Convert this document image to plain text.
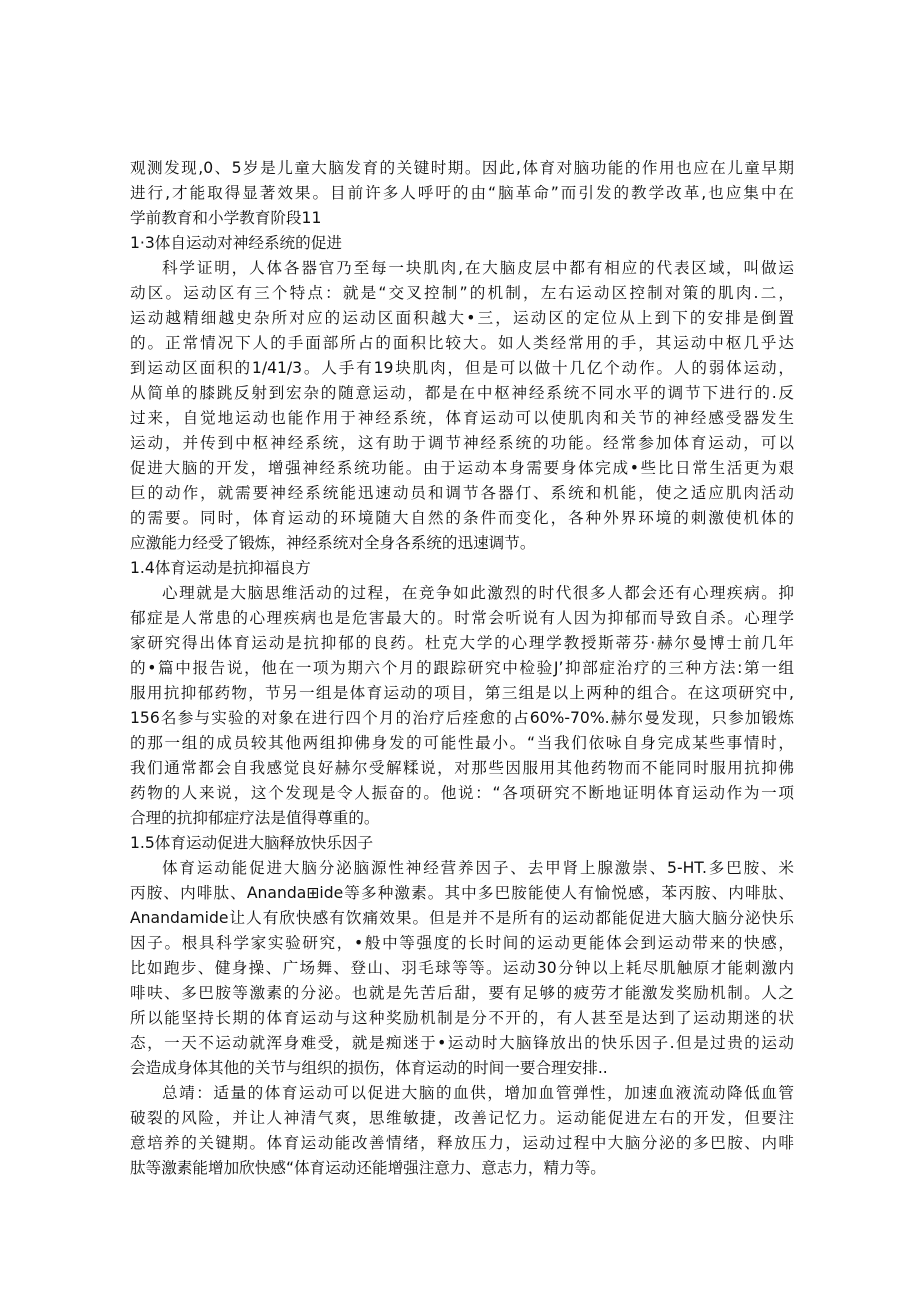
观测发现,0、5岁是儿童大脑发育的关键时期。因此,体育对脑功能的作用也应在儿童早期
进行,才能取得显著效果。目前许多人呼吁的由“脑革命”而引发的教学改革,也应集中在
学前教育和小学教育阶段11
1·3体自运动对神经系统的促进
科学证明，人体各器官乃至每一块肌肉,在大脑皮层中都有相应的代表区域，叫做运
动区。运动区有三个特点：就是“交叉控制”的机制，左右运动区控制对策的肌肉.二，
运动越精细越史杂所对应的运动区面积越大•三，运动区的定位从上到下的安排是倒置
的。正常情况下人的手面部所占的面积比较大。如人类经常用的手，其运动中枢几乎达
到运动区面积的1/41/3。人手有19块肌肉，但是可以做十几亿个动作。人的弱体运动，
从简单的膝跳反射到宏杂的随意运动，都是在中枢神经系统不同水平的调节下进行的.反
过来，自觉地运动也能作用于神经系统，体育运动可以使肌肉和关节的神经感受器发生
运动，并传到中枢神经系统，这有助于调节神经系统的功能。经常参加体育运动，可以
促进大脑的开发，增强神经系统功能。由于运动本身需要身体完成•些比日常生活更为艰
巨的动作，就需要神经系统能迅速动员和调节各器仃、系统和机能，使之适应肌肉活动
的需要。同时，体育运动的环境随大自然的条件而变化，各种外界环境的刺激使机体的
应激能力经受了锻炼，神经系统对全身各系统的迅速调节。
1.4体育运动是抗抑福良方
心理就是大脑思维活动的过程，在竞争如此激烈的时代很多人都会还有心理疾病。抑
郁症是人常患的心理疾病也是危害最大的。时常会听说有人因为抑郁而导致自杀。心理学
家研究得出体育运动是抗抑郁的良药。杜克大学的心理学教授斯蒂芬·赫尔曼博士前几年
的•篇中报告说，他在一项为期六个月的跟踪研究中检验J’抑部症治疗的三种方法:第一组
服用抗抑郁药物，节另一组是体育运动的项目，第三组是以上两种的组合。在这项研究中,
156名参与实验的对象在进行四个月的治疗后痊愈的占60%-70%.赫尔曼发现，只参加锻炼
的那一组的成员较其他两组抑佛身发的可能性最小。“当我们依咏自身完成某些事情时，
我们通常都会自我感觉良好赫尔受解糅说，对那些因服用其他药物而不能同时服用抗抑佛
药物的人来说，这个发现是令人振奋的。他说：“各项研究不断地证明体育运动作为一项
合理的抗抑郁症疗法是值得尊重的。
1.5体育运动促进大脑释放快乐因子
体育运动能促进大脑分泌脑源性神经营养因子、去甲肾上腺激崇、5-HT.多巴胺、米
丙胺、内啡肽、Ananda⊞ide等多种激素。其中多巴胺能使人有愉悦感，苯丙胺、内啡肽、
Anandamide让人有欣快感有饮痛效果。但是并不是所有的运动都能促进大脑大脑分泌快乐
因子。根具科学家实验研究，•般中等强度的长时间的运动更能体会到运动带来的快感，
比如跑步、健身操、广场舞、登山、羽毛球等等。运动30分钟以上耗尽肌触原才能刺激内
啡呋、多巴胺等激素的分泌。也就是先苦后甜，要有足够的疲劳才能激发奖励机制。人之
所以能坚持长期的体育运动与这种奖励机制是分不开的，有人甚至是达到了运动期迷的状
态，一天不运动就浑身难受，就是痴迷于•运动时大脑锋放出的快乐因子.但是过贵的运动
会造成身体其他的关节与组织的损伤，体育运动的时间一要合理安排..
总靖：适量的体育运动可以促进大脑的血供，增加血管弹性，加速血液流动降低血管
破裂的风险，并让人神清气爽，思维敏捷，改善记忆力。运动能促进左右的开发，但要注
意培养的关键期。体育运动能改善情绪，释放压力，运动过程中大脑分泌的多巴胺、内啡
肽等激素能增加欣快感“体育运动还能增强注意力、意志力，精力等。
